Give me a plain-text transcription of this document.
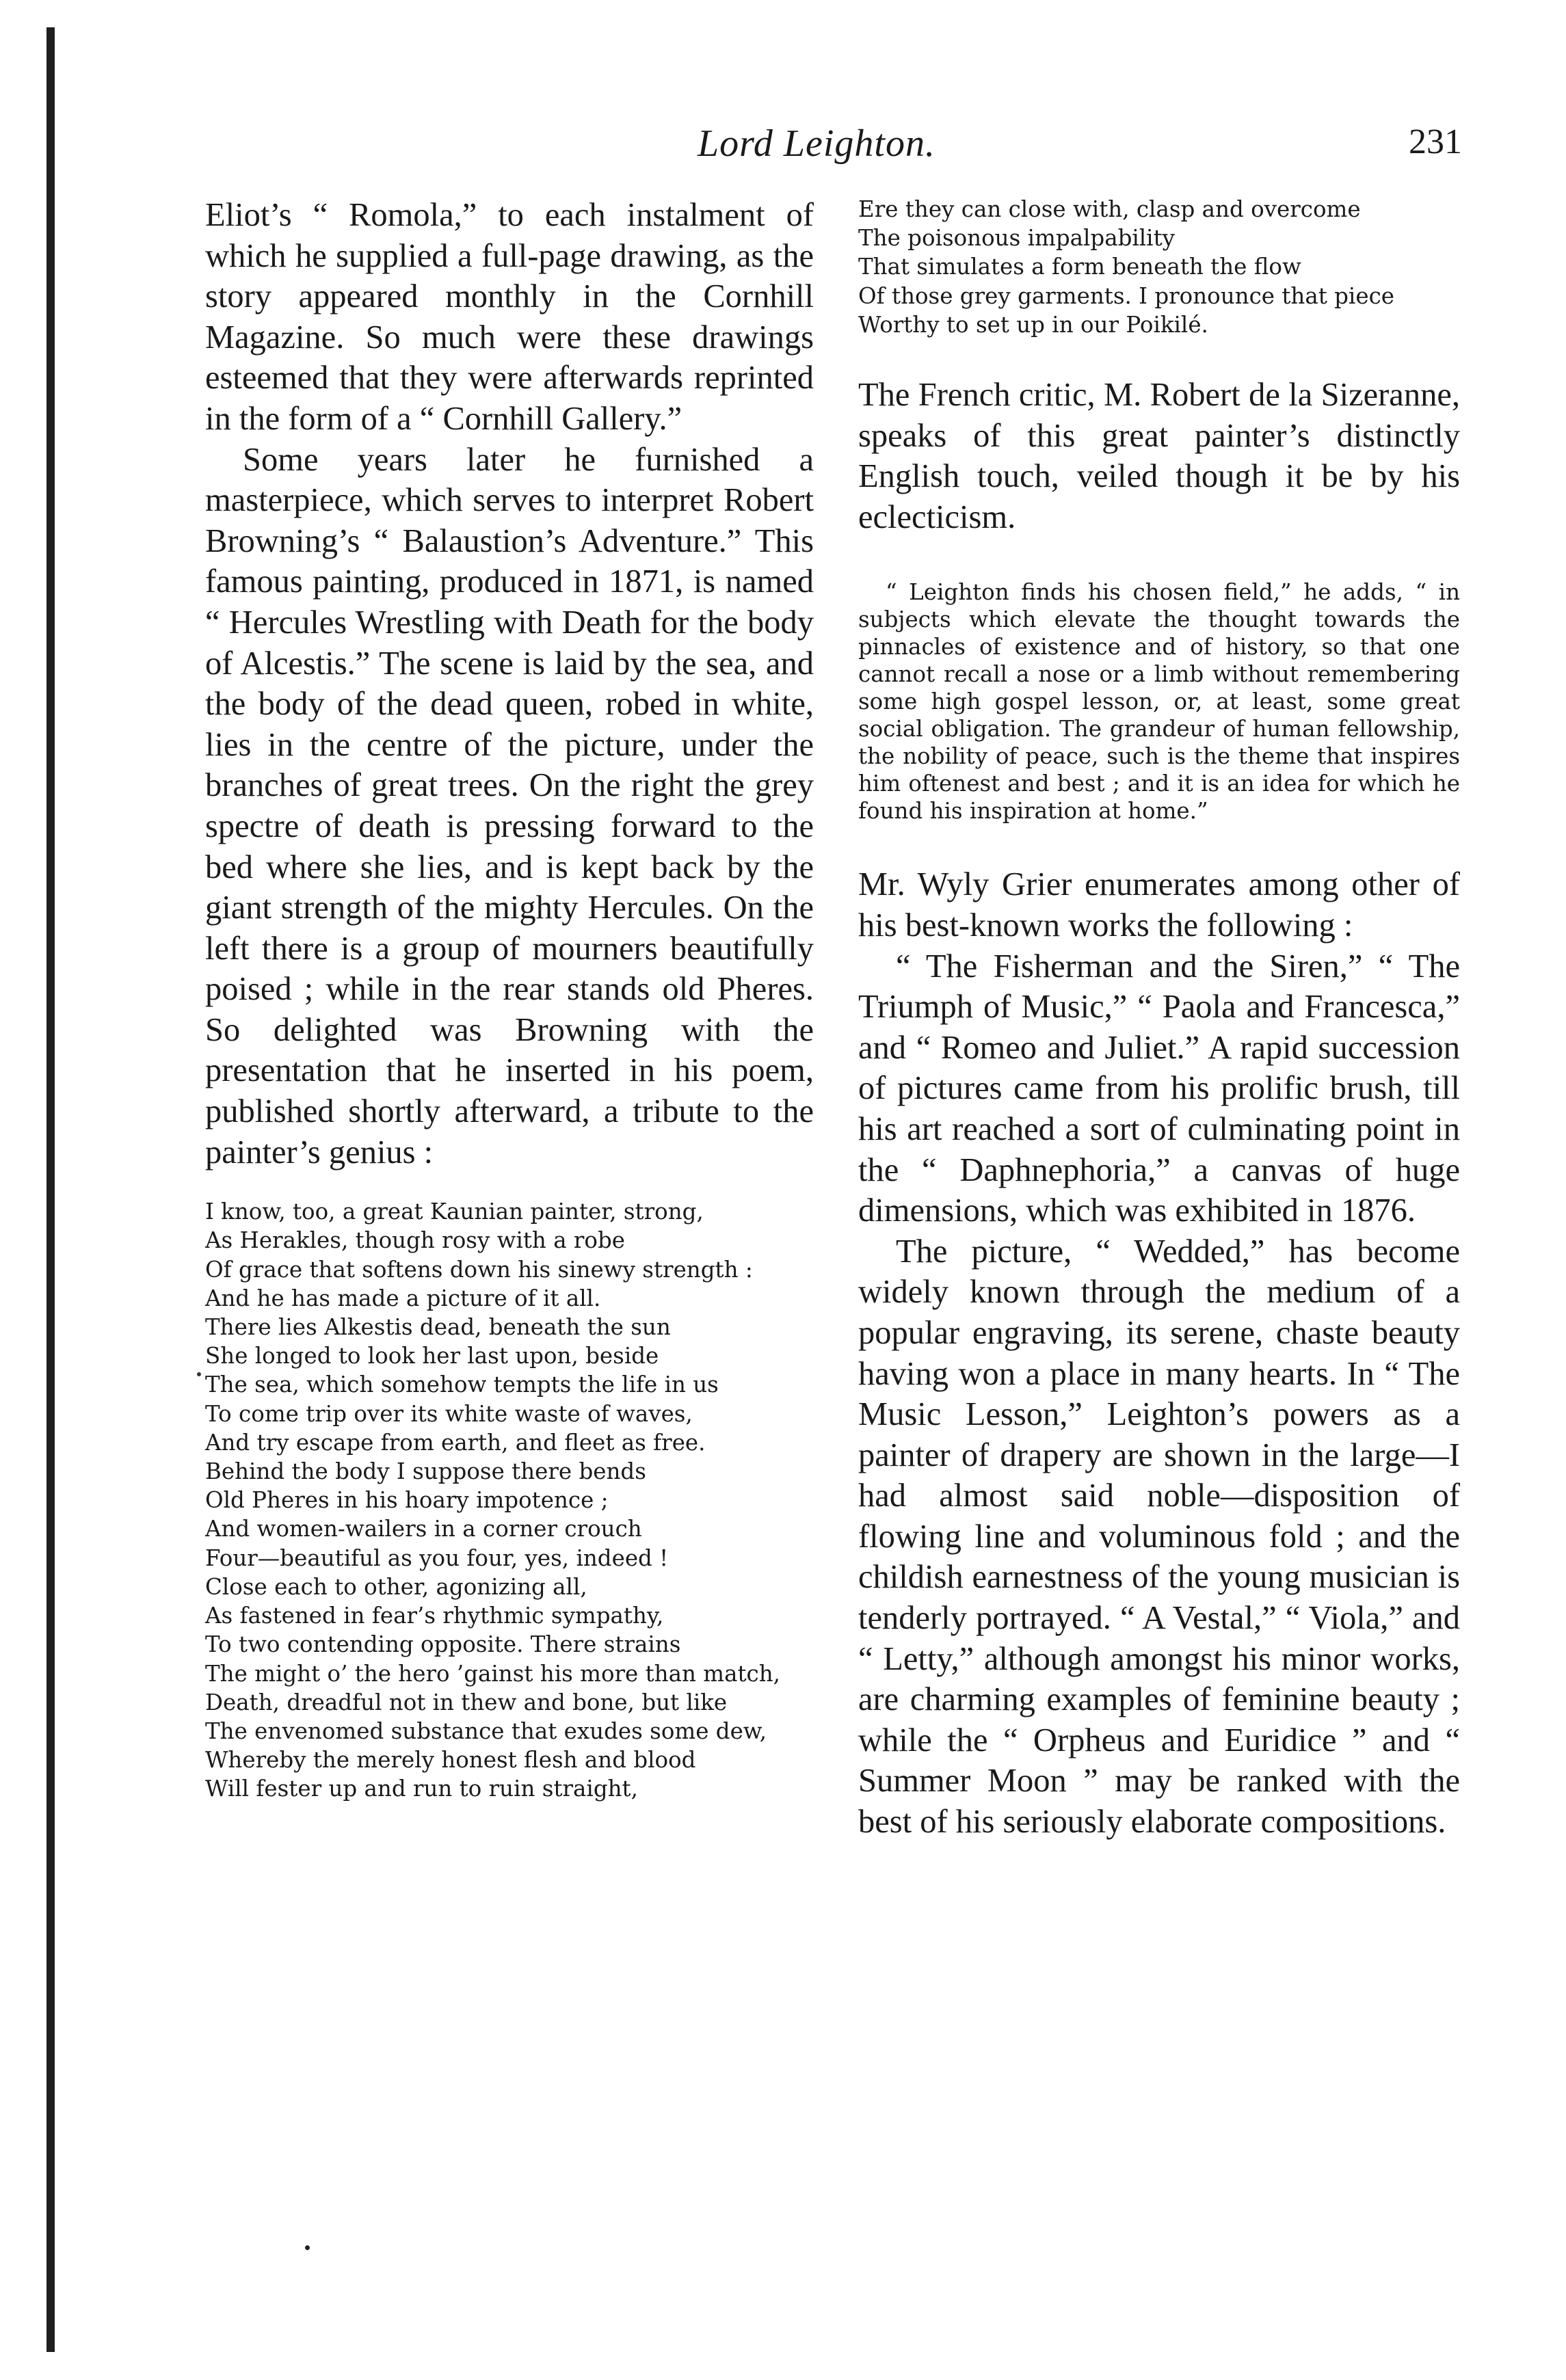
Lord Leighton.	231

Eliot’s “ Romola,” to each instalment of which he supplied a full-page drawing, as the story appeared monthly in the Cornhill Magazine. So much were these drawings esteemed that they were afterwards reprinted in the form of a “ Cornhill Gallery.”

Some years later he furnished a masterpiece, which serves to interpret Robert Browning’s “ Balaustion’s Adventure.” This famous painting, produced in 1871, is named “ Hercules Wrestling with Death for the body of Alcestis.” The scene is laid by the sea, and the body of the dead queen, robed in white, lies in the centre of the picture, under the branches of great trees. On the right the grey spectre of death is pressing forward to the bed where she lies, and is kept back by the giant strength of the mighty Hercules. On the left there is a group of mourners beautifully poised ; while in the rear stands old Pheres. So delighted was Browning with the presentation that he inserted in his poem, published shortly afterward, a tribute to the painter’s genius :

I know, too, a great Kaunian painter, strong,
As Herakles, though rosy with a robe
Of grace that softens down his sinewy strength :
And he has made a picture of it all.
There lies Alkestis dead, beneath the sun
She longed to look her last upon, beside
The sea, which somehow tempts the life in us
To come trip over its white waste of waves,
And try escape from earth, and fleet as free.
Behind the body I suppose there bends
Old Pheres in his hoary impotence ;
And women-wailers in a corner crouch
Four—beautiful as you four, yes, indeed !
Close each to other, agonizing all,
As fastened in fear’s rhythmic sympathy,
To two contending opposite. There strains
The might o’ the hero ’gainst his more than match,
Death, dreadful not in thew and bone, but like
The envenomed substance that exudes some dew,
Whereby the merely honest flesh and blood
Will fester up and run to ruin straight,
Ere they can close with, clasp and overcome
The poisonous impalpability
That simulates a form beneath the flow
Of those grey garments. I pronounce that piece
Worthy to set up in our Poikilé.

The French critic, M. Robert de la Sizeranne, speaks of this great painter’s distinctly English touch, veiled though it be by his eclecticism.

“ Leighton finds his chosen field,” he adds, “ in subjects which elevate the thought towards the pinnacles of existence and of history, so that one cannot recall a nose or a limb without remembering some high gospel lesson, or, at least, some great social obligation. The grandeur of human fellowship, the nobility of peace, such is the theme that inspires him oftenest and best ; and it is an idea for which he found his inspiration at home.”

Mr. Wyly Grier enumerates among other of his best-known works the following :

“ The Fisherman and the Siren,” “ The Triumph of Music,” “ Paola and Francesca,” and “ Romeo and Juliet.” A rapid succession of pictures came from his prolific brush, till his art reached a sort of culminating point in the “ Daphnephoria,” a canvas of huge dimensions, which was exhibited in 1876.

The picture, “ Wedded,” has become widely known through the medium of a popular engraving, its serene, chaste beauty having won a place in many hearts. In “ The Music Lesson,” Leighton’s powers as a painter of drapery are shown in the large—I had almost said noble—disposition of flowing line and voluminous fold ; and the childish earnestness of the young musician is tenderly portrayed. “ A Vestal,” “ Viola,” and “ Letty,” although amongst his minor works, are charming examples of feminine beauty ; while the “ Orpheus and Euridice ” and “ Summer Moon ” may be ranked with the best of his seriously elaborate compositions.
